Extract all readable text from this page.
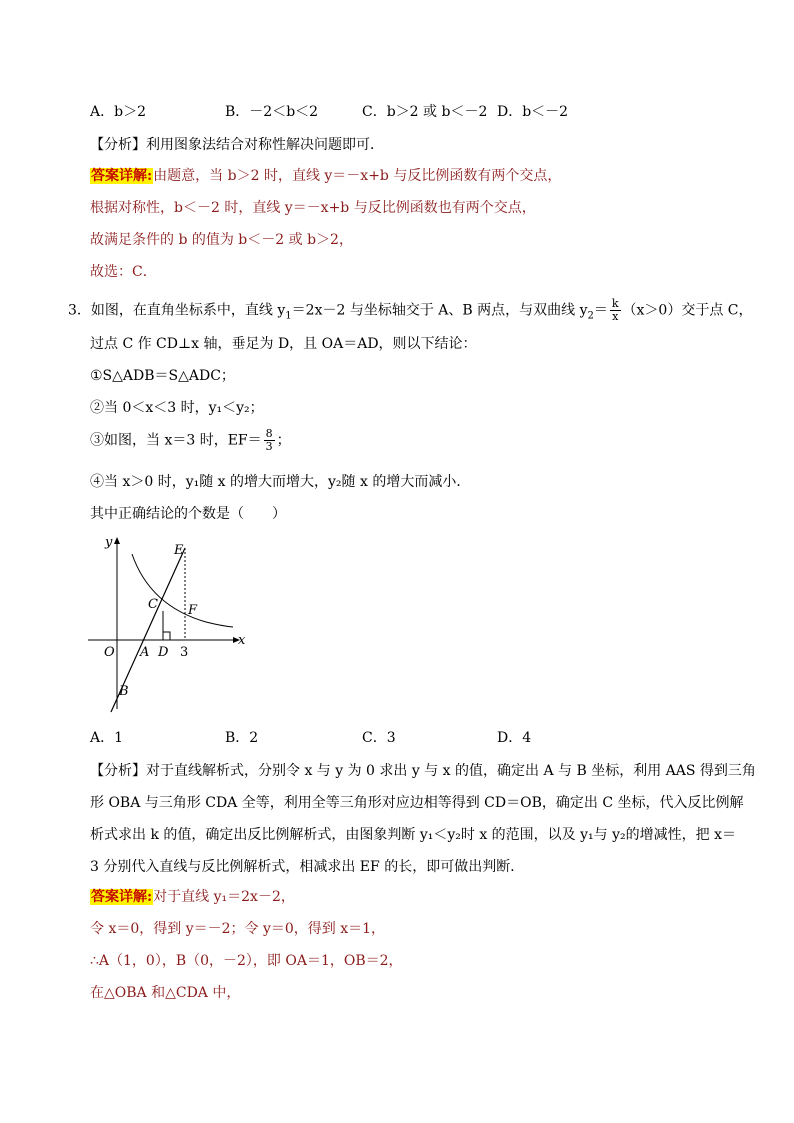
A．b＞2	B．－2＜b＜2	C．b＞2 或 b＜－2 D．b＜－2
【分析】利用图象法结合对称性解决问题即可．
答案详解:由题意，当 b＞2 时，直线 y＝－x+b 与反比例函数有两个交点，
根据对称性，b＜－2 时，直线 y＝－x+b 与反比例函数也有两个交点，
故满足条件的 b 的值为 b＜－2 或 b＞2，
故选：C．
3．如图，在直角坐标系中，直线 $y_1=2x-2$ 与坐标轴交于 A、B 两点，与双曲线 $y_2= \frac{k}{x} (x>0)$交于点 C，
过点 C 作 CD⊥x 轴，垂足为 D，且 OA＝AD，则以下结论：
①S△ADB＝S△ADC；
②当 0＜x＜3 时，y₁＜y₂；
③如图，当 x＝3 时，$EF= \frac{8}{3}$ ；
④当 x＞0 时，y₁随 x 的增大而增大，y₂随 x 的增大而减小．
其中正确结论的个数是（　　）
y
x
E
C F
O A D 3
B
A．1	B．2	C．3	D．4
【分析】对于直线解析式，分别令 x 与 y 为 0 求出 y 与 x 的值，确定出 A 与 B 坐标，利用 AAS 得到三角
形 OBA 与三角形 CDA 全等，利用全等三角形对应边相等得到 CD＝OB，确定出 C 坐标，代入反比例解
析式求出 k 的值，确定出反比例解析式，由图象判断 y₁＜y₂时 x 的范围，以及 y₁与 y₂的增减性，把 x＝
3 分别代入直线与反比例解析式，相减求出 EF 的长，即可做出判断．
答案详解:对于直线 y₁＝2x－2，
令 x＝0，得到 y＝－2；令 y＝0，得到 x＝1，
∴A（1，0），B（0，－2），即 OA＝1，OB＝2，
在△OBA 和△CDA 中，
